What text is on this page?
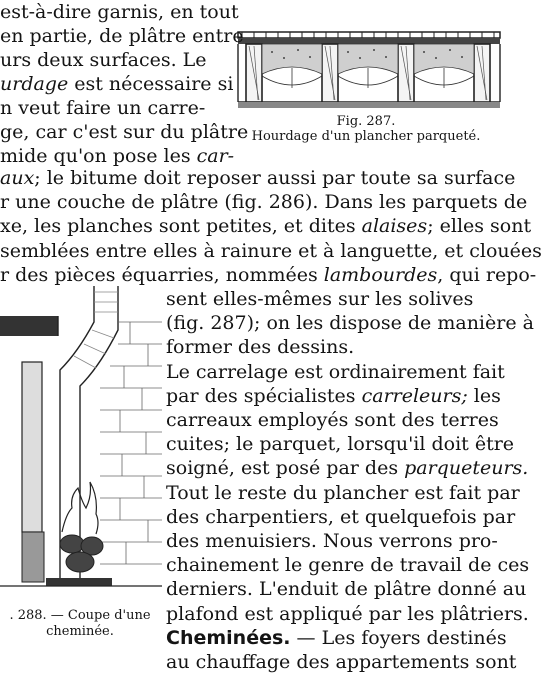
Fig. 287.
Hourdage d'un plancher parqueté.
. 288. — Coupe d'une
cheminée.
est-à-dire garnis, en tout
en partie, de plâtre entre
urs deux surfaces. Le
urdage est nécessaire si
n veut faire un carre-
ge, car c'est sur du plâtre
mide qu'on pose les car-
aux; le bitume doit reposer aussi par toute sa surface
r une couche de plâtre (fig. 286). Dans les parquets de
xe, les planches sont petites, et dites alaises; elles sont
semblées entre elles à rainure et à languette, et clouées
r des pièces équarries, nommées lambourdes, qui repo-
sent elles-mêmes sur les solives
(fig. 287); on les dispose de manière à
former des dessins.
Le carrelage est ordinairement fait
par des spécialistes carreleurs; les
carreaux employés sont des terres
cuites; le parquet, lorsqu'il doit être
soigné, est posé par des parqueteurs.
Tout le reste du plancher est fait par
des charpentiers, et quelquefois par
des menuisiers. Nous verrons pro-
chainement le genre de travail de ces
derniers. L'enduit de plâtre donné au
plafond est appliqué par les plâtriers.
Cheminées. — Les foyers destinés
au chauffage des appartements sont
